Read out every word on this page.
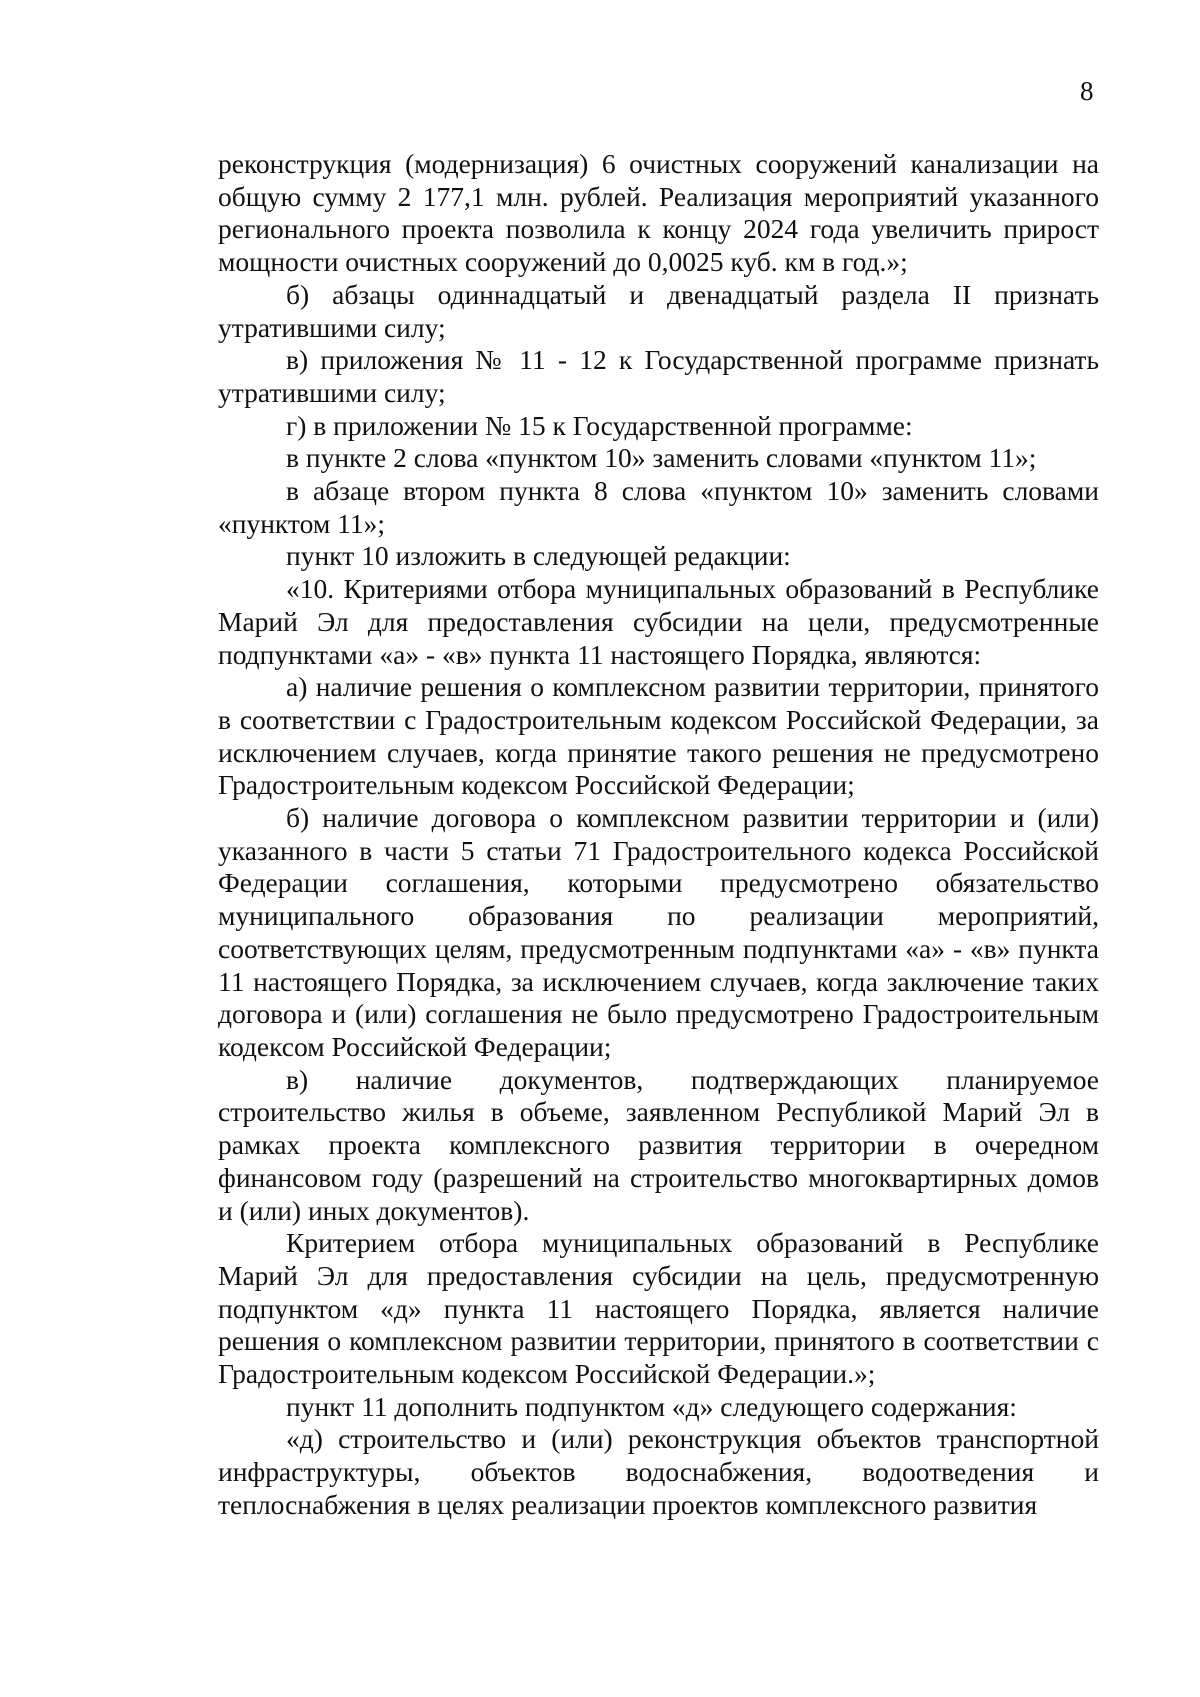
8

реконструкция (модернизация) 6 очистных сооружений канализации на общую сумму 2 177,1 млн. рублей. Реализация мероприятий указанного регионального проекта позволила к концу 2024 года увеличить прирост мощности очистных сооружений до 0,0025 куб. км в год.»;

б) абзацы одиннадцатый и двенадцатый раздела II признать утратившими силу;

в) приложения № 11 - 12 к Государственной программе признать утратившими силу;

г) в приложении № 15 к Государственной программе:

в пункте 2 слова «пунктом 10» заменить словами «пунктом 11»;

в абзаце втором пункта 8 слова «пунктом 10» заменить словами «пунктом 11»;

пункт 10 изложить в следующей редакции:

«10. Критериями отбора муниципальных образований в Республике Марий Эл для предоставления субсидии на цели, предусмотренные подпунктами «а» - «в» пункта 11 настоящего Порядка, являются:

а) наличие решения о комплексном развитии территории, принятого в соответствии с Градостроительным кодексом Российской Федерации, за исключением случаев, когда принятие такого решения не предусмотрено Градостроительным кодексом Российской Федерации;

б) наличие договора о комплексном развитии территории и (или) указанного в части 5 статьи 71 Градостроительного кодекса Российской Федерации соглашения, которыми предусмотрено обязательство муниципального образования по реализации мероприятий, соответствующих целям, предусмотренным подпунктами «а» - «в» пункта 11 настоящего Порядка, за исключением случаев, когда заключение таких договора и (или) соглашения не было предусмотрено Градостроительным кодексом Российской Федерации;

в) наличие документов, подтверждающих планируемое строительство жилья в объеме, заявленном Республикой Марий Эл в рамках проекта комплексного развития территории в очередном финансовом году (разрешений на строительство многоквартирных домов и (или) иных документов).

Критерием отбора муниципальных образований в Республике Марий Эл для предоставления субсидии на цель, предусмотренную подпунктом «д» пункта 11 настоящего Порядка, является наличие решения о комплексном развитии территории, принятого в соответствии с Градостроительным кодексом Российской Федерации.»;

пункт 11 дополнить подпунктом «д» следующего содержания:

«д) строительство и (или) реконструкция объектов транспортной инфраструктуры, объектов водоснабжения, водоотведения и теплоснабжения в целях реализации проектов комплексного развития
